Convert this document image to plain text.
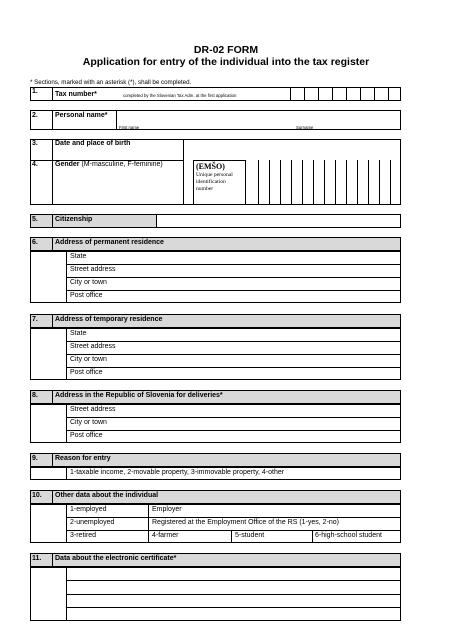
DR-02 FORM
Application for entry of the individual into the tax register
* Sections, marked with an asterisk (*), shall be completed.
1. Tax number*	completed by the Slovenian Tax Adm. at the first application
2. Personal name*
First name	Surname
3. Date and place of birth
4. Gender (M-masculine, F-feminine)	(EMŠO)
Unique personal identification number
5. Citizenship
6. Address of permanent residence
State
Street address
City or town
Post office
7. Address of temporary residence
State
Street address
City or town
Post office
8. Address in the Republic of Slovenia for deliveries*
Street address
City or town
Post office
9. Reason for entry
1-taxable income, 2-movable property, 3-immovable property, 4-other
10. Other data about the individual
1-employed	Employer
2-unemployed	Registered at the Employment Office of the RS (1-yes, 2-no)
3-retired	4-farmer	5-student	6-high-school student
11. Data about the electronic certificate*
